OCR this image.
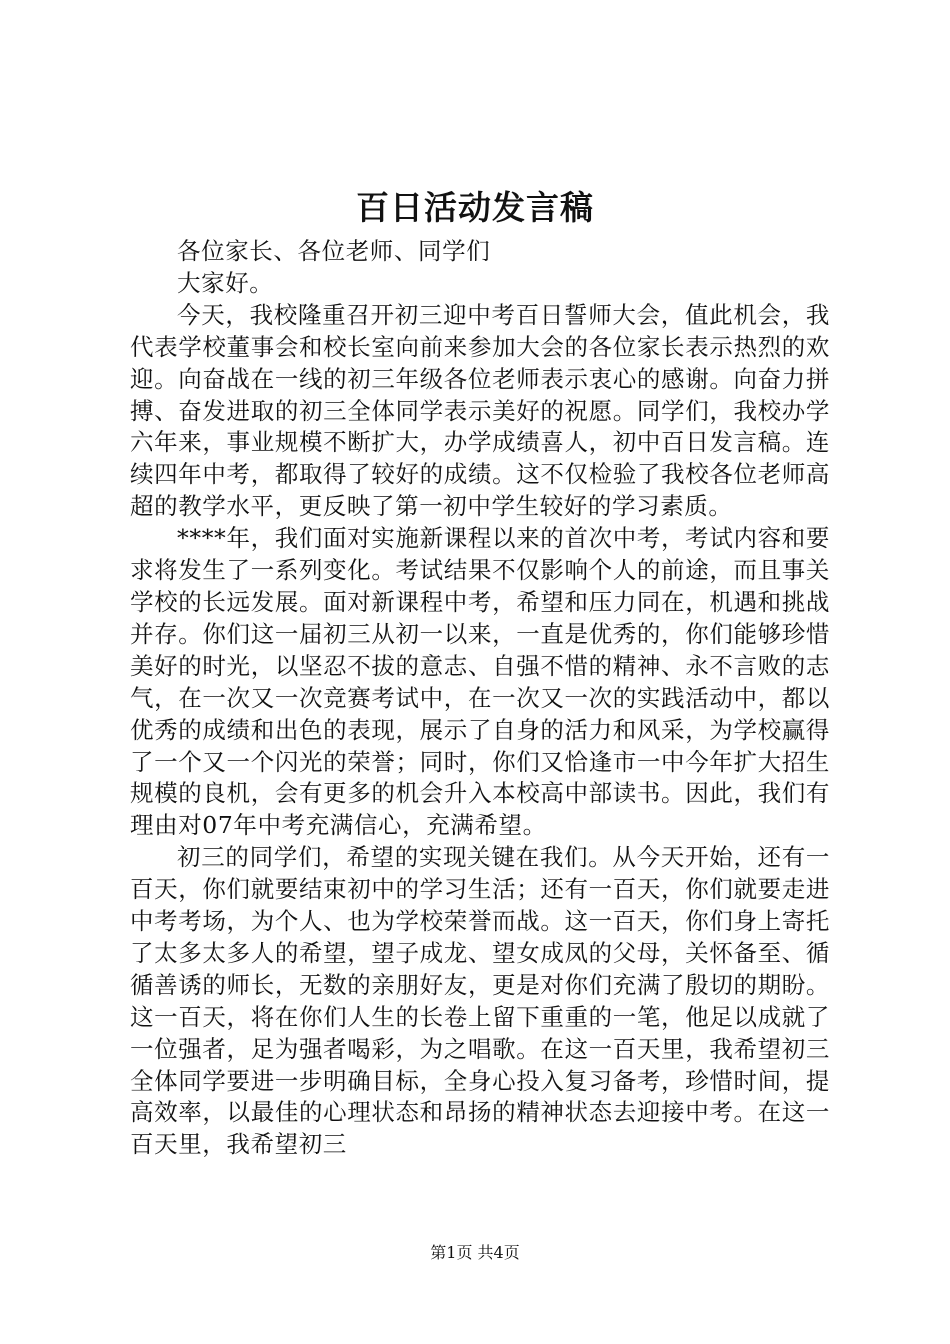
百日活动发言稿

各位家长、各位老师、同学们

大家好。

今天，我校隆重召开初三迎中考百日誓师大会，值此机会，我代表学校董事会和校长室向前来参加大会的各位家长表示热烈的欢迎。向奋战在一线的初三年级各位老师表示衷心的感谢。向奋力拼搏、奋发进取的初三全体同学表示美好的祝愿。同学们，我校办学六年来，事业规模不断扩大，办学成绩喜人，初中百日发言稿。连续四年中考，都取得了较好的成绩。这不仅检验了我校各位老师高超的教学水平，更反映了第一初中学生较好的学习素质。

****年，我们面对实施新课程以来的首次中考，考试内容和要求将发生了一系列变化。考试结果不仅影响个人的前途，而且事关学校的长远发展。面对新课程中考，希望和压力同在，机遇和挑战并存。你们这一届初三从初一以来，一直是优秀的，你们能够珍惜美好的时光，以坚忍不拔的意志、自强不惜的精神、永不言败的志气，在一次又一次竞赛考试中，在一次又一次的实践活动中，都以优秀的成绩和出色的表现，展示了自身的活力和风采，为学校赢得了一个又一个闪光的荣誉；同时，你们又恰逢市一中今年扩大招生规模的良机，会有更多的机会升入本校高中部读书。因此，我们有理由对07年中考充满信心，充满希望。

初三的同学们，希望的实现关键在我们。从今天开始，还有一百天，你们就要结束初中的学习生活；还有一百天，你们就要走进中考考场，为个人、也为学校荣誉而战。这一百天，你们身上寄托了太多太多人的希望，望子成龙、望女成凤的父母，关怀备至、循循善诱的师长，无数的亲朋好友，更是对你们充满了殷切的期盼。这一百天，将在你们人生的长卷上留下重重的一笔，他足以成就了一位强者，足为强者喝彩，为之唱歌。在这一百天里，我希望初三全体同学要进一步明确目标，全身心投入复习备考，珍惜时间，提高效率，以最佳的心理状态和昂扬的精神状态去迎接中考。在这一百天里，我希望初三

第1页 共4页
